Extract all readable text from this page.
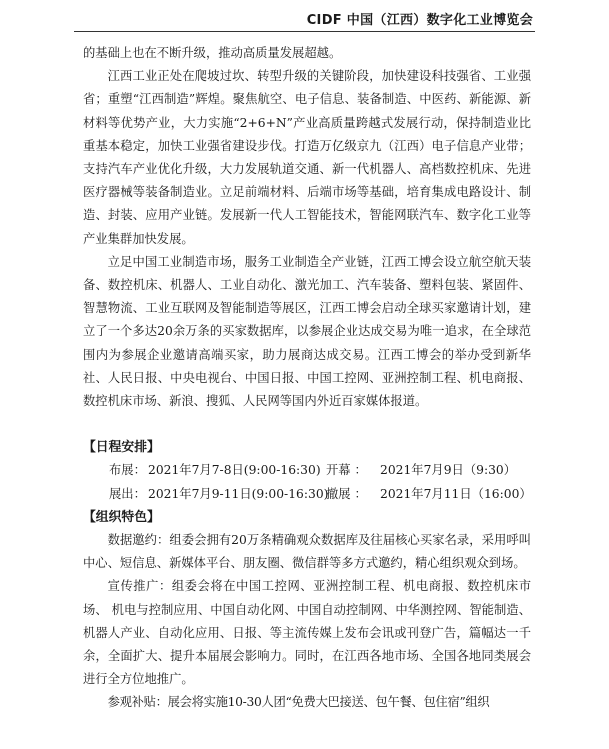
CIDF 中国（江西）数字化工业博览会

的基础上也在不断升级，推动高质量发展超越。

江西工业正处在爬坡过坎、转型升级的关键阶段，加快建设科技强省、工业强省；重塑“江西制造”辉煌。聚焦航空、电子信息、装备制造、中医药、新能源、新材料等优势产业，大力实施“2+6+N”产业高质量跨越式发展行动，保持制造业比重基本稳定，加快工业强省建设步伐。打造万亿级京九（江西）电子信息产业带；支持汽车产业优化升级，大力发展轨道交通、新一代机器人、高档数控机床、先进医疗器械等装备制造业。立足前端材料、后端市场等基础，培育集成电路设计、制造、封装、应用产业链。发展新一代人工智能技术，智能网联汽车、数字化工业等产业集群加快发展。

立足中国工业制造市场，服务工业制造全产业链，江西工博会设立航空航天装备、数控机床、机器人、工业自动化、激光加工、汽车装备、塑料包装、紧固件、智慧物流、工业互联网及智能制造等展区，江西工博会启动全球买家邀请计划，建立了一个多达20余万条的买家数据库，以参展企业达成交易为唯一追求，在全球范围内为参展企业邀请高端买家，助力展商达成交易。江西工博会的举办受到新华社、人民日报、中央电视台、中国日报、中国工控网、亚洲控制工程、机电商报、数控机床市场、新浪、搜狐、人民网等国内外近百家媒体报道。

【日程安排】

布展： 2021年7月7-8日(9:00-16:30) 开幕 ： 2021年7月9日（9:30）
展出： 2021年7月9-11日(9:00-16:30)
撤展 ： 2021年7月11日（16:00）

【组织特色】

数据邀约：组委会拥有20万条精确观众数据库及往届核心买家名录，采用呼叫中心、短信息、新媒体平台、朋友圈、微信群等多方式邀约，精心组织观众到场。

宣传推广：组委会将在中国工控网、亚洲控制工程、机电商报、数控机床市场、 机电与控制应用、中国自动化网、中国自动控制网、中华测控网、智能制造、机器人产业、自动化应用、日报、等主流传媒上发布会讯或刊登广告，篇幅达一千余，全面扩大、提升本届展会影响力。同时，在江西各地市场、全国各地同类展会进行全方位地推广。

参观补贴：展会将实施10-30人团“免费大巴接送、包午餐、包住宿”组织
